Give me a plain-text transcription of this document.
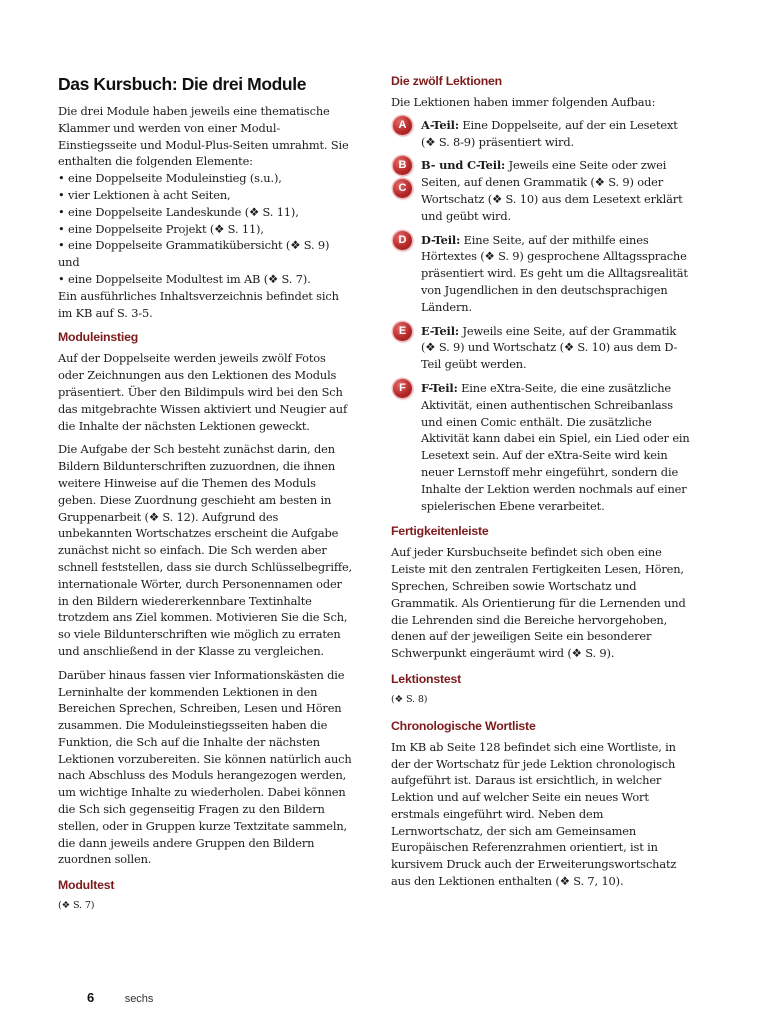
Das Kursbuch: Die drei Module

Die drei Module haben jeweils eine thematische Klammer und werden von einer Modul-Einstiegsseite und Modul-Plus-Seiten umrahmt. Sie enthalten die folgenden Elemente:
• eine Doppelseite Moduleinstieg (s.u.),
• vier Lektionen à acht Seiten,
• eine Doppelseite Landeskunde (❖ S. 11),
• eine Doppelseite Projekt (❖ S. 11),
• eine Doppelseite Grammatikübersicht (❖ S. 9) und
• eine Doppelseite Modultest im AB (❖ S. 7).
Ein ausführliches Inhaltsverzeichnis befindet sich im KB auf S. 3-5.

Moduleinstieg

Auf der Doppelseite werden jeweils zwölf Fotos oder Zeichnungen aus den Lektionen des Moduls präsentiert. Über den Bildimpuls wird bei den Sch das mitgebrachte Wissen aktiviert und Neugier auf die Inhalte der nächsten Lektionen geweckt.

Die Aufgabe der Sch besteht zunächst darin, den Bildern Bildunterschriften zuzuordnen, die ihnen weitere Hinweise auf die Themen des Moduls geben. Diese Zuordnung geschieht am besten in Gruppenarbeit (❖ S. 12). Aufgrund des unbekannten Wortschatzes erscheint die Aufgabe zunächst nicht so einfach. Die Sch werden aber schnell feststellen, dass sie durch Schlüsselbegriffe, internationale Wörter, durch Personennamen oder in den Bildern wiedererkennbare Textinhalte trotzdem ans Ziel kommen. Motivieren Sie die Sch, so viele Bildunterschriften wie möglich zu erraten und anschließend in der Klasse zu vergleichen.

Darüber hinaus fassen vier Informationskästen die Lerninhalte der kommenden Lektionen in den Bereichen Sprechen, Schreiben, Lesen und Hören zusammen. Die Moduleinstiegsseiten haben die Funktion, die Sch auf die Inhalte der nächsten Lektionen vorzubereiten. Sie können natürlich auch nach Abschluss des Moduls herangezogen werden, um wichtige Inhalte zu wiederholen. Dabei können die Sch sich gegenseitig Fragen zu den Bildern stellen, oder in Gruppen kurze Textzitate sammeln, die dann jeweils andere Gruppen den Bildern zuordnen sollen.

Modultest

(❖ S. 7)

Die zwölf Lektionen

Die Lektionen haben immer folgenden Aufbau:

A	A-Teil: Eine Doppelseite, auf der ein Lesetext (❖ S. 8-9) präsentiert wird.

B
C

B- und C-Teil: Jeweils eine Seite oder zwei Seiten, auf denen Grammatik (❖ S. 9) oder Wortschatz (❖ S. 10) aus dem Lesetext erklärt und geübt wird.

D	D-Teil: Eine Seite, auf der mithilfe eines Hörtextes (❖ S. 9) gesprochene Alltagssprache präsentiert wird. Es geht um die Alltagsrealität von Jugendlichen in den deutschsprachigen Ländern.

E	E-Teil: Jeweils eine Seite, auf der Grammatik (❖ S. 9) und Wortschatz (❖ S. 10) aus dem D-Teil geübt werden.

F	F-Teil: Eine eXtra-Seite, die eine zusätzliche Aktivität, einen authentischen Schreibanlass und einen Comic enthält. Die zusätzliche Aktivität kann dabei ein Spiel, ein Lied oder ein Lesetext sein. Auf der eXtra-Seite wird kein neuer Lernstoff mehr eingeführt, sondern die Inhalte der Lektion werden nochmals auf einer spielerischen Ebene verarbeitet.

Fertigkeitenleiste

Auf jeder Kursbuchseite befindet sich oben eine Leiste mit den zentralen Fertigkeiten Lesen, Hören, Sprechen, Schreiben sowie Wortschatz und Grammatik. Als Orientierung für die Lernenden und die Lehrenden sind die Bereiche hervorgehoben, denen auf der jeweiligen Seite ein besonderer Schwerpunkt eingeräumt wird (❖ S. 9).

Lektionstest

(❖ S. 8)

Chronologische Wortliste

Im KB ab Seite 128 befindet sich eine Wortliste, in der der Wortschatz für jede Lektion chronologisch aufgeführt ist. Daraus ist ersichtlich, in welcher Lektion und auf welcher Seite ein neues Wort erstmals eingeführt wird. Neben dem Lernwortschatz, der sich am Gemeinsamen Europäischen Referenzrahmen orientiert, ist in kursivem Druck auch der Erweiterungswortschatz aus den Lektionen enthalten (❖ S. 7, 10).

6	sechs
